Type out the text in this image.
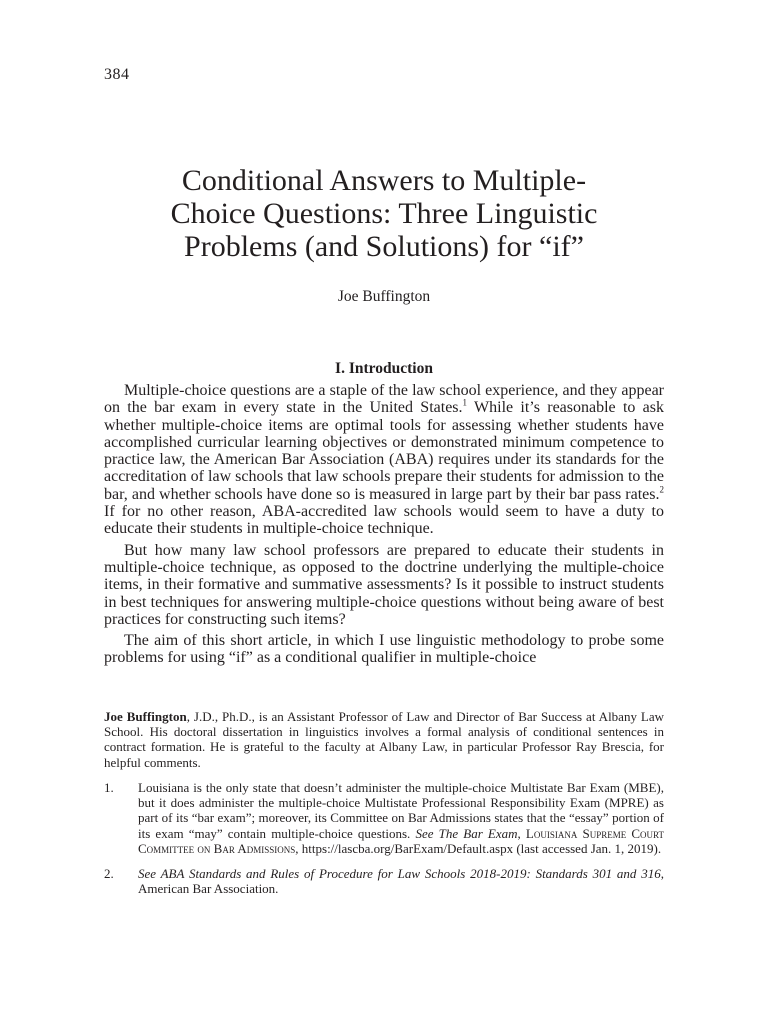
384
Conditional Answers to Multiple-
Choice Questions: Three Linguistic
Problems (and Solutions) for “if”
Joe Buffington
I. Introduction

Multiple-choice questions are a staple of the law school experience, and they appear on the bar exam in every state in the United States.$^1$ While it’s reasonable to ask whether multiple-choice items are optimal tools for assessing whether students have accomplished curricular learning objectives or demonstrated minimum competence to practice law, the American Bar Association (ABA) requires under its standards for the accreditation of law schools that law schools prepare their students for admission to the bar, and whether schools have done so is measured in large part by their bar pass rates.$^2$ If for no other reason, ABA-accredited law schools would seem to have a duty to educate their students in multiple-choice technique.

But how many law school professors are prepared to educate their students in multiple-choice technique, as opposed to the doctrine underlying the multiple-choice items, in their formative and summative assessments? Is it possible to instruct students in best techniques for answering multiple-choice questions without being aware of best practices for constructing such items?

The aim of this short article, in which I use linguistic methodology to probe some problems for using “if” as a conditional qualifier in multiple-choice

Joe Buffington, J.D., Ph.D., is an Assistant Professor of Law and Director of Bar Success at Albany Law School. His doctoral dissertation in linguistics involves a formal analysis of conditional sentences in contract formation. He is grateful to the faculty at Albany Law, in particular Professor Ray Brescia, for helpful comments.

1. Louisiana is the only state that doesn’t administer the multiple-choice Multistate Bar Exam (MBE), but it does administer the multiple-choice Multistate Professional Responsibility Exam (MPRE) as part of its “bar exam”; moreover, its Committee on Bar Admissions states that the “essay” portion of its exam “may” contain multiple-choice questions. See The Bar Exam, Louisiana Supreme Court Committee on Bar Admissions, https://lascba.org/BarExam/Default.aspx (last accessed Jan. 1, 2019).
2. See ABA Standards and Rules of Procedure for Law Schools 2018-2019: Standards 301 and 316, American Bar Association.
